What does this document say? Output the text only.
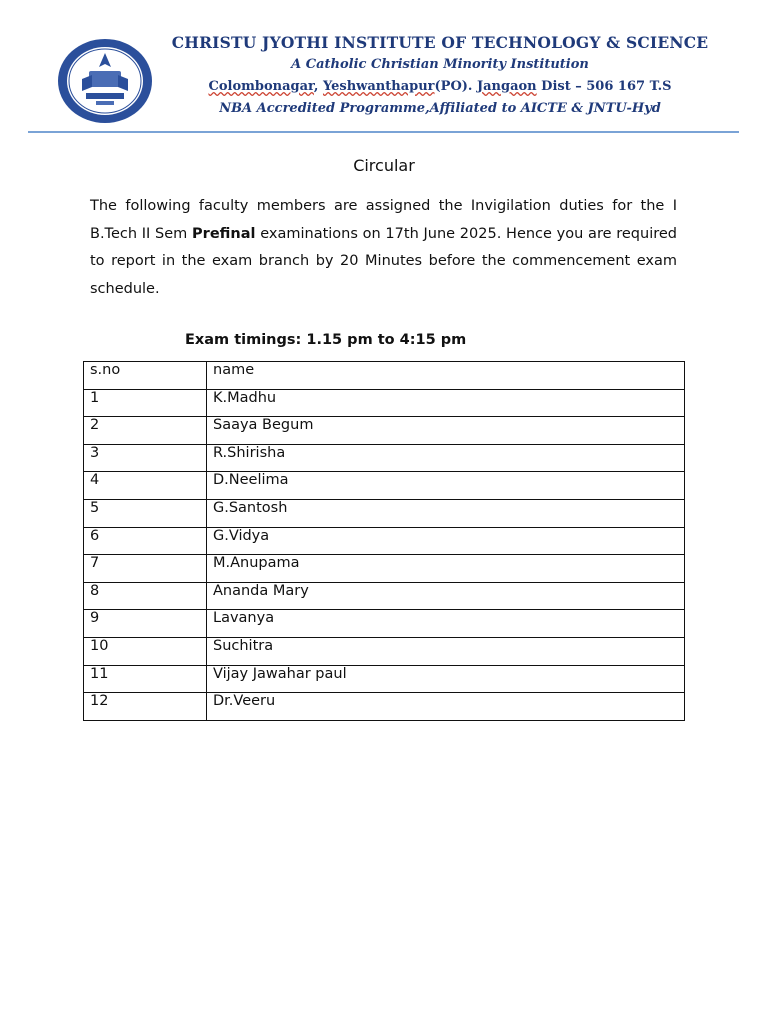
CHRISTU JYOTHI INSTITUTE OF TECHNOLOGY & SCIENCE
A Catholic Christian Minority Institution
Colombonagar, Yeshwanthapur(PO). Jangaon Dist – 506 167 T.S
NBA Accredited Programme,Affiliated to AICTE & JNTU-Hyd
Circular
The following faculty members are assigned the Invigilation duties for the I B.Tech II Sem Prefinal examinations on 17th June 2025. Hence you are required to report in the exam branch by 20 Minutes before the commencement exam schedule.
Exam timings: 1.15 pm to 4:15 pm
s.no	name
1	K.Madhu
2	Saaya Begum
3	R.Shirisha
4	D.Neelima
5	G.Santosh
6	G.Vidya
7	M.Anupama
8	Ananda Mary
9	Lavanya
10	Suchitra
11	Vijay Jawahar paul
12	Dr.Veeru
